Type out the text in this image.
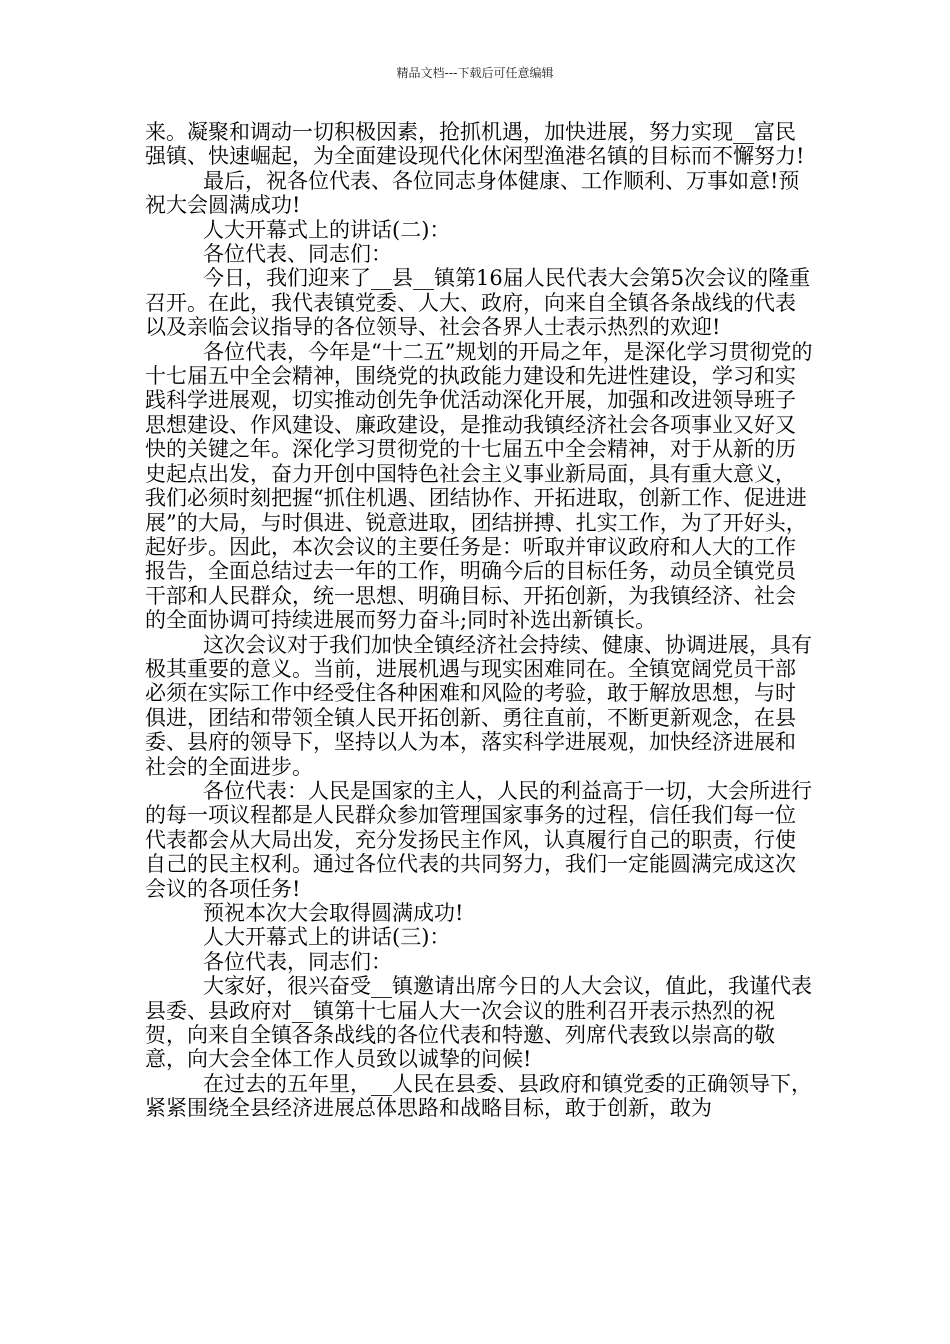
精品文档---下载后可任意编辑

来。凝聚和调动一切积极因素，抢抓机遇，加快进展，努力实现__富民强镇、快速崛起，为全面建设现代化休闲型渔港名镇的目标而不懈努力!

最后，祝各位代表、各位同志身体健康、工作顺利、万事如意!预祝大会圆满成功!

人大开幕式上的讲话(二)：

各位代表、同志们：

今日，我们迎来了__县__镇第16届人民代表大会第5次会议的隆重召开。在此，我代表镇党委、人大、政府，向来自全镇各条战线的代表以及亲临会议指导的各位领导、社会各界人士表示热烈的欢迎!

各位代表，今年是“十二五”规划的开局之年，是深化学习贯彻党的十七届五中全会精神，围绕党的执政能力建设和先进性建设，学习和实践科学进展观，切实推动创先争优活动深化开展，加强和改进领导班子思想建设、作风建设、廉政建设，是推动我镇经济社会各项事业又好又快的关键之年。深化学习贯彻党的十七届五中全会精神，对于从新的历史起点出发，奋力开创中国特色社会主义事业新局面，具有重大意义，我们必须时刻把握“抓住机遇、团结协作、开拓进取，创新工作、促进进展”的大局，与时俱进、锐意进取，团结拼搏、扎实工作，为了开好头，起好步。因此，本次会议的主要任务是：听取并审议政府和人大的工作报告，全面总结过去一年的工作，明确今后的目标任务，动员全镇党员干部和人民群众，统一思想、明确目标、开拓创新，为我镇经济、社会的全面协调可持续进展而努力奋斗;同时补选出新镇长。

这次会议对于我们加快全镇经济社会持续、健康、协调进展，具有极其重要的意义。当前，进展机遇与现实困难同在。全镇宽阔党员干部必须在实际工作中经受住各种困难和风险的考验，敢于解放思想，与时俱进，团结和带领全镇人民开拓创新、勇往直前，不断更新观念，在县委、县府的领导下，坚持以人为本，落实科学进展观，加快经济进展和社会的全面进步。

各位代表：人民是国家的主人，人民的利益高于一切，大会所进行的每一项议程都是人民群众参加管理国家事务的过程，信任我们每一位代表都会从大局出发，充分发扬民主作风，认真履行自己的职责，行使自己的民主权利。通过各位代表的共同努力，我们一定能圆满完成这次会议的各项任务!

预祝本次大会取得圆满成功!

人大开幕式上的讲话(三)：

各位代表，同志们：

大家好，很兴奋受__镇邀请出席今日的人大会议，值此，我谨代表县委、县政府对__镇第十七届人大一次会议的胜利召开表示热烈的祝贺，向来自全镇各条战线的各位代表和特邀、列席代表致以崇高的敬意，向大会全体工作人员致以诚挚的问候!

在过去的五年里，__人民在县委、县政府和镇党委的正确领导下，紧紧围绕全县经济进展总体思路和战略目标，敢于创新，敢为
